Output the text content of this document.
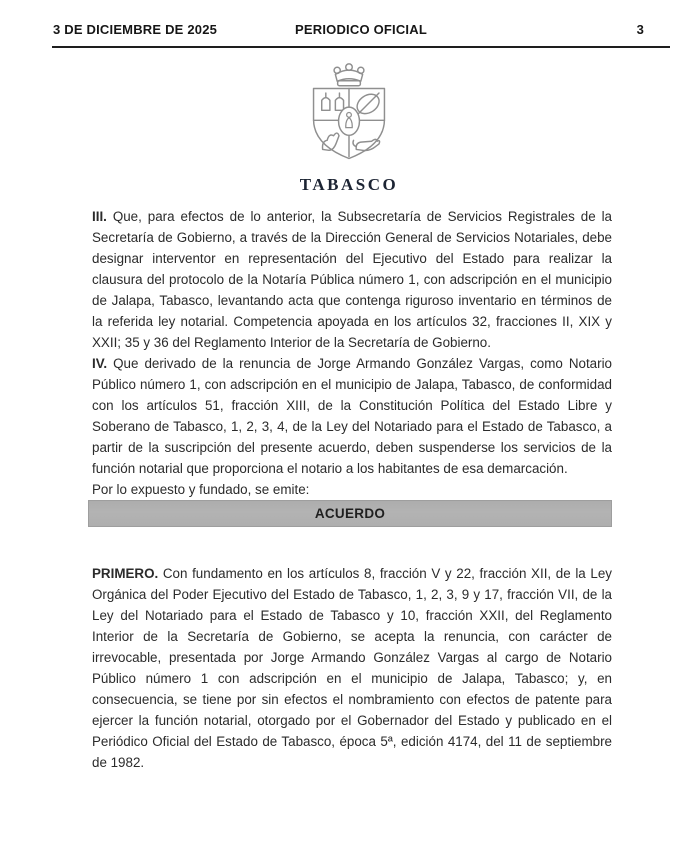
3 DE DICIEMBRE DE 2025	PERIODICO OFICIAL	3
TABASCO

III. Que, para efectos de lo anterior, la Subsecretaría de Servicios Registrales de la Secretaría de Gobierno, a través de la Dirección General de Servicios Notariales, debe designar interventor en representación del Ejecutivo del Estado para realizar la clausura del protocolo de la Notaría Pública número 1, con adscripción en el municipio de Jalapa, Tabasco, levantando acta que contenga riguroso inventario en términos de la referida ley notarial. Competencia apoyada en los artículos 32, fracciones II, XIX y XXII; 35 y 36 del Reglamento Interior de la Secretaría de Gobierno.

IV. Que derivado de la renuncia de Jorge Armando González Vargas, como Notario Público número 1, con adscripción en el municipio de Jalapa, Tabasco, de conformidad con los artículos 51, fracción XIII, de la Constitución Política del Estado Libre y Soberano de Tabasco, 1, 2, 3, 4, de la Ley del Notariado para el Estado de Tabasco, a partir de la suscripción del presente acuerdo, deben suspenderse los servicios de la función notarial que proporciona el notario a los habitantes de esa demarcación.

Por lo expuesto y fundado, se emite:

ACUERDO

PRIMERO. Con fundamento en los artículos 8, fracción V y 22, fracción XII, de la Ley Orgánica del Poder Ejecutivo del Estado de Tabasco, 1, 2, 3, 9 y 17, fracción VII, de la Ley del Notariado para el Estado de Tabasco y 10, fracción XXII, del Reglamento Interior de la Secretaría de Gobierno, se acepta la renuncia, con carácter de irrevocable, presentada por Jorge Armando González Vargas al cargo de Notario Público número 1 con adscripción en el municipio de Jalapa, Tabasco; y, en consecuencia, se tiene por sin efectos el nombramiento con efectos de patente para ejercer la función notarial, otorgado por el Gobernador del Estado y publicado en el Periódico Oficial del Estado de Tabasco, época 5ª, edición 4174, del 11 de septiembre de 1982.
